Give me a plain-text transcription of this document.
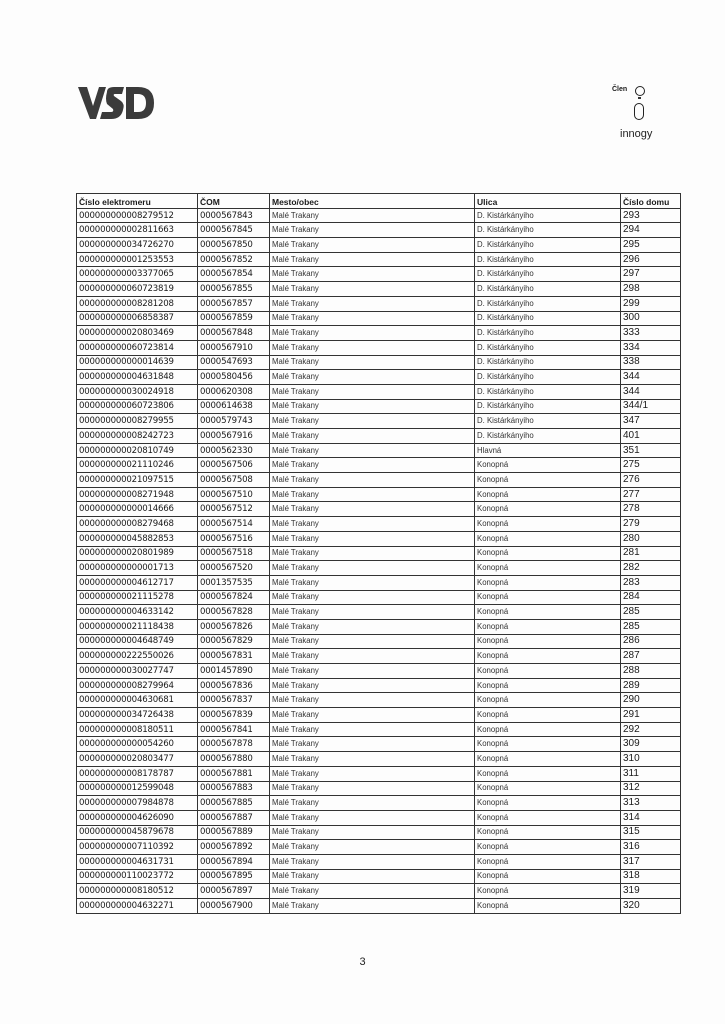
Člen
innogy
Číslo elektromeru	ČOM	Mesto/obec	Ulica	Číslo domu
000000000008279512	0000567843	Malé Trakany	D. Kistárkányiho	293
000000000002811663	0000567845	Malé Trakany	D. Kistárkányiho	294
000000000034726270	0000567850	Malé Trakany	D. Kistárkányiho	295
000000000001253553	0000567852	Malé Trakany	D. Kistárkányiho	296
000000000003377065	0000567854	Malé Trakany	D. Kistárkányiho	297
000000000060723819	0000567855	Malé Trakany	D. Kistárkányiho	298
000000000008281208	0000567857	Malé Trakany	D. Kistárkányiho	299
000000000006858387	0000567859	Malé Trakany	D. Kistárkányiho	300
000000000020803469	0000567848	Malé Trakany	D. Kistárkányiho	333
000000000060723814	0000567910	Malé Trakany	D. Kistárkányiho	334
000000000000014639	0000547693	Malé Trakany	D. Kistárkányiho	338
000000000004631848	0000580456	Malé Trakany	D. Kistárkányiho	344
000000000030024918	0000620308	Malé Trakany	D. Kistárkányiho	344
000000000060723806	0000614638	Malé Trakany	D. Kistárkányiho	344/1
000000000008279955	0000579743	Malé Trakany	D. Kistárkányiho	347
000000000008242723	0000567916	Malé Trakany	D. Kistárkányiho	401
000000000020810749	0000562330	Malé Trakany	Hlavná	351
000000000021110246	0000567506	Malé Trakany	Konopná	275
000000000021097515	0000567508	Malé Trakany	Konopná	276
000000000008271948	0000567510	Malé Trakany	Konopná	277
000000000000014666	0000567512	Malé Trakany	Konopná	278
000000000008279468	0000567514	Malé Trakany	Konopná	279
000000000045882853	0000567516	Malé Trakany	Konopná	280
000000000020801989	0000567518	Malé Trakany	Konopná	281
000000000000001713	0000567520	Malé Trakany	Konopná	282
000000000004612717	0001357535	Malé Trakany	Konopná	283
000000000021115278	0000567824	Malé Trakany	Konopná	284
000000000004633142	0000567828	Malé Trakany	Konopná	285
000000000021118438	0000567826	Malé Trakany	Konopná	285
000000000004648749	0000567829	Malé Trakany	Konopná	286
000000000222550026	0000567831	Malé Trakany	Konopná	287
000000000030027747	0001457890	Malé Trakany	Konopná	288
000000000008279964	0000567836	Malé Trakany	Konopná	289
000000000004630681	0000567837	Malé Trakany	Konopná	290
000000000034726438	0000567839	Malé Trakany	Konopná	291
000000000008180511	0000567841	Malé Trakany	Konopná	292
000000000000054260	0000567878	Malé Trakany	Konopná	309
000000000020803477	0000567880	Malé Trakany	Konopná	310
000000000008178787	0000567881	Malé Trakany	Konopná	311
000000000012599048	0000567883	Malé Trakany	Konopná	312
000000000007984878	0000567885	Malé Trakany	Konopná	313
000000000004626090	0000567887	Malé Trakany	Konopná	314
000000000045879678	0000567889	Malé Trakany	Konopná	315
000000000007110392	0000567892	Malé Trakany	Konopná	316
000000000004631731	0000567894	Malé Trakany	Konopná	317
000000000110023772	0000567895	Malé Trakany	Konopná	318
000000000008180512	0000567897	Malé Trakany	Konopná	319
000000000004632271	0000567900	Malé Trakany	Konopná	320
3
